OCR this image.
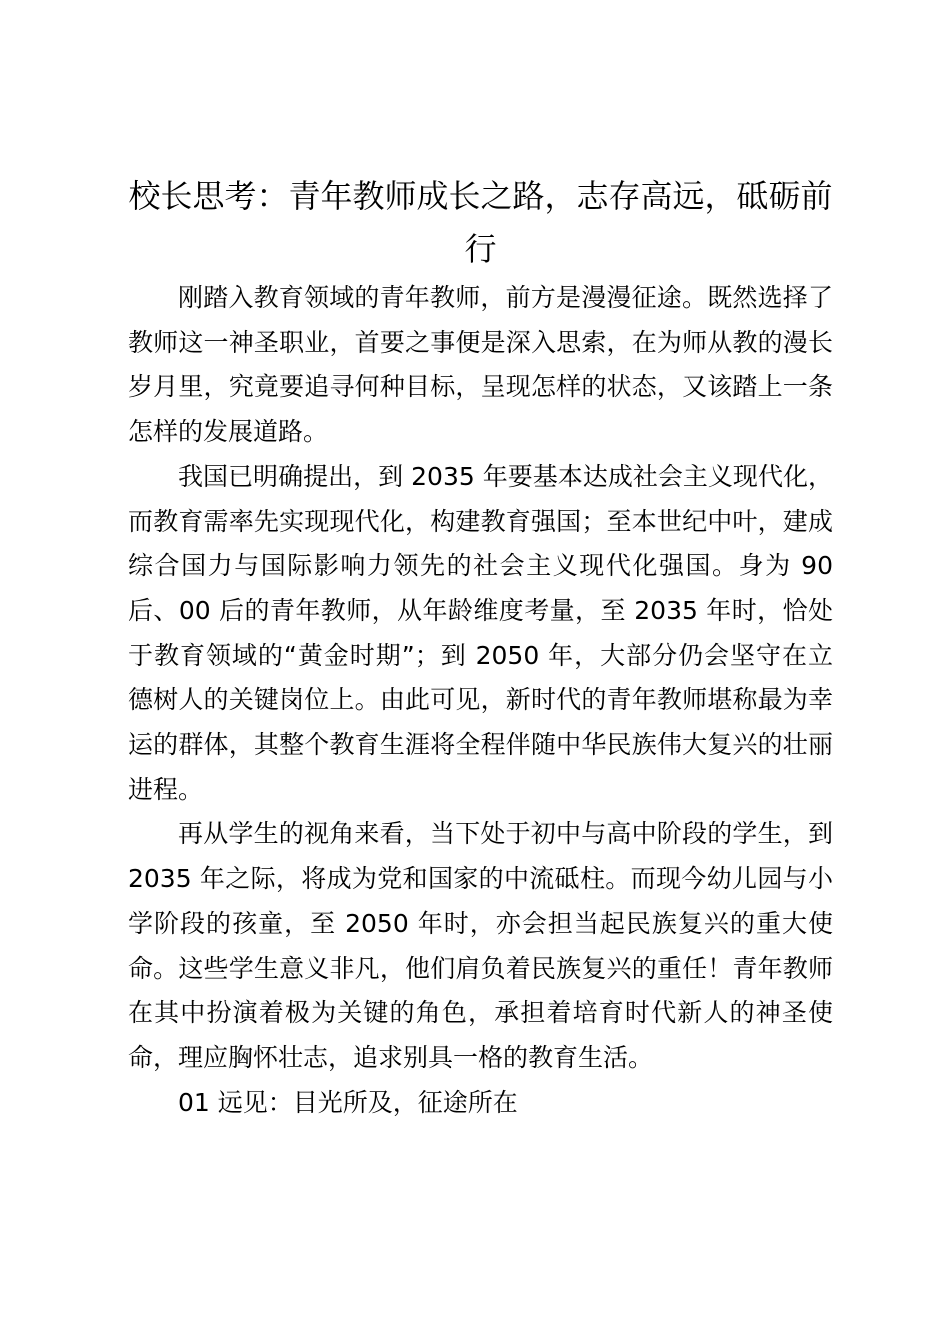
校长思考：青年教师成长之路，志存高远，砥砺前行

刚踏入教育领域的青年教师，前方是漫漫征途。既然选择了教师这一神圣职业，首要之事便是深入思索，在为师从教的漫长岁月里，究竟要追寻何种目标，呈现怎样的状态，又该踏上一条怎样的发展道路。

我国已明确提出，到 2035 年要基本达成社会主义现代化，而教育需率先实现现代化，构建教育强国；至本世纪中叶，建成综合国力与国际影响力领先的社会主义现代化强国。身为 90 后、00 后的青年教师，从年龄维度考量，至 2035 年时，恰处于教育领域的“黄金时期”；到 2050 年，大部分仍会坚守在立德树人的关键岗位上。由此可见，新时代的青年教师堪称最为幸运的群体，其整个教育生涯将全程伴随中华民族伟大复兴的壮丽进程。

再从学生的视角来看，当下处于初中与高中阶段的学生，到 2035 年之际，将成为党和国家的中流砥柱。而现今幼儿园与小学阶段的孩童，至 2050 年时，亦会担当起民族复兴的重大使命。这些学生意义非凡，他们肩负着民族复兴的重任！青年教师在其中扮演着极为关键的角色，承担着培育时代新人的神圣使命，理应胸怀壮志，追求别具一格的教育生活。

01 远见：目光所及，征途所在
